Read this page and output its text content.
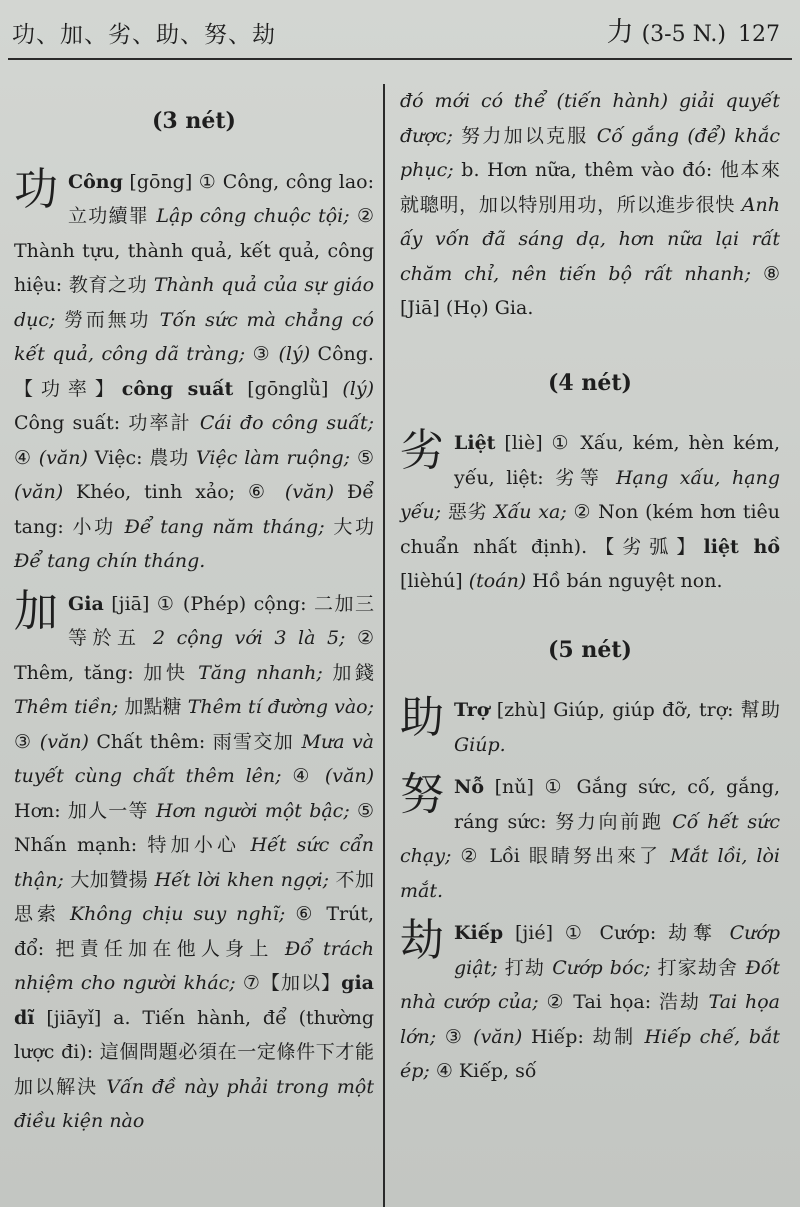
功、加、劣、助、努、劫	力 (3-5 N.) 127
(3 nét)
功 Công [gōng] ① Công, công lao: 立功續罪 Lập công chuộc tội; ② Thành tựu, thành quả, kết quả, công hiệu: 教育之功 Thành quả của sự giáo dục; 勞而無功 Tốn sức mà chẳng có kết quả, công dã tràng; ③ (lý) Công.【功率】công suất [gōnglǜ] (lý) Công suất: 功率計 Cái đo công suất; ④ (văn) Việc: 農功 Việc làm ruộng; ⑤ (văn) Khéo, tinh xảo; ⑥ (văn) Để tang: 小功 Để tang năm tháng; 大功 Để tang chín tháng.
加 Gia [jiā] ① (Phép) cộng: 二加三等於五 2 cộng với 3 là 5; ② Thêm, tăng: 加快 Tăng nhanh; 加錢 Thêm tiền; 加點糖 Thêm tí đường vào; ③ (văn) Chất thêm: 雨雪交加 Mưa và tuyết cùng chất thêm lên; ④ (văn) Hơn: 加人一等 Hơn người một bậc; ⑤ Nhấn mạnh: 特加小心 Hết sức cẩn thận; 大加贊揚 Hết lời khen ngợi; 不加思索 Không chịu suy nghĩ; ⑥ Trút, đổ: 把責任加在他人身上 Đổ trách nhiệm cho người khác; ⑦【加以】gia dĩ [jiāyǐ] a. Tiến hành, để (thường lược đi): 這個問題必須在一定條件下才能加以解決 Vấn đề này phải trong một điều kiện nào
đó mới có thể (tiến hành) giải quyết được; 努力加以克服 Cố gắng (để) khắc phục; b. Hơn nữa, thêm vào đó: 他本來就聰明，加以特別用功，所以進步很快 Anh ấy vốn đã sáng dạ, hơn nữa lại rất chăm chỉ, nên tiến bộ rất nhanh; ⑧ [Jiā] (Họ) Gia.
(4 nét)
劣 Liệt [liè] ① Xấu, kém, hèn kém, yếu, liệt: 劣等 Hạng xấu, hạng yếu; 惡劣 Xấu xa; ② Non (kém hơn tiêu chuẩn nhất định).【劣弧】liệt hồ [lièhú] (toán) Hồ bán nguyệt non.
(5 nét)
助 Trợ [zhù] Giúp, giúp đỡ, trợ: 幫助 Giúp.
努 Nỗ [nǔ] ① Gắng sức, cố, gắng, ráng sức: 努力向前跑 Cố hết sức chạy; ② Lồi 眼睛努出來了 Mắt lồi, lòi mắt.
劫 Kiếp [jié] ① Cướp: 劫奪 Cướp giật; 打劫 Cướp bóc; 打家劫舍 Đốt nhà cướp của; ② Tai họa: 浩劫 Tai họa lớn; ③ (văn) Hiếp: 劫制 Hiếp chế, bắt ép; ④ Kiếp, số
